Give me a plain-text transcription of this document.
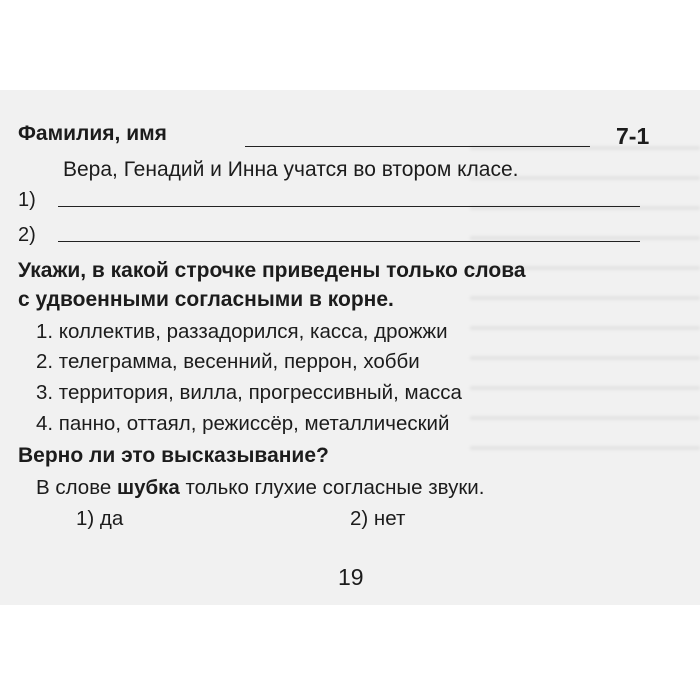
Фамилия, имя	7-1
Вера, Генадий и Инна учатся во втором класе.
1)
2)
Укажи, в какой строчке приведены только слова
с удвоенными согласными в корне.
1. коллектив, раззадорился, касса, дрожжи
2. телеграмма, весенний, перрон, хобби
3. территория, вилла, прогрессивный, масса
4. панно, оттаял, режиссёр, металлический
Верно ли это высказывание?
В слове шубка только глухие согласные звуки.
1) да	2) нет
19
